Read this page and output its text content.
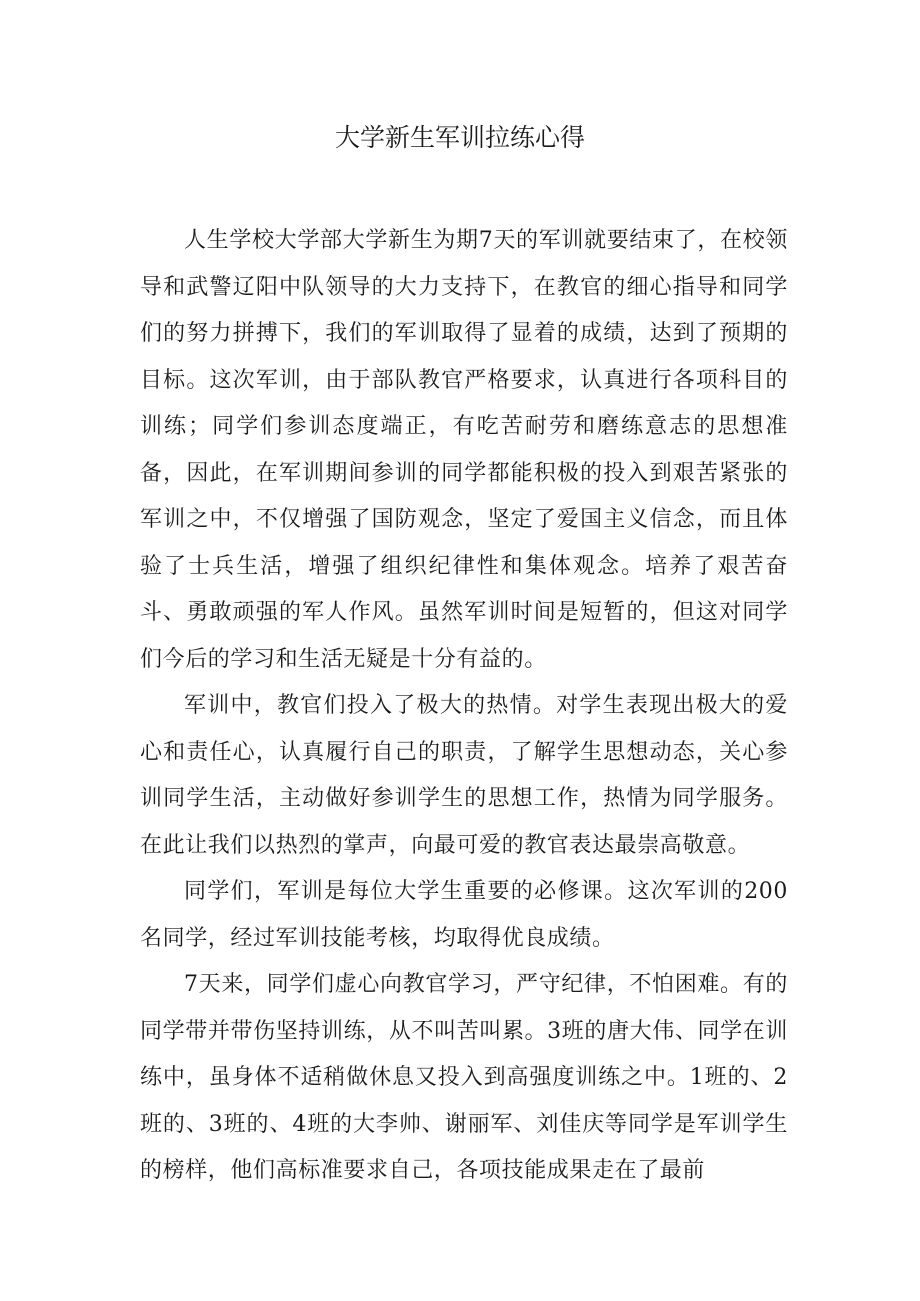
大学新生军训拉练心得

人生学校大学部大学新生为期7天的军训就要结束了，在校领导和武警辽阳中队领导的大力支持下，在教官的细心指导和同学们的努力拼搏下，我们的军训取得了显着的成绩，达到了预期的目标。这次军训，由于部队教官严格要求，认真进行各项科目的训练；同学们参训态度端正，有吃苦耐劳和磨练意志的思想准备，因此，在军训期间参训的同学都能积极的投入到艰苦紧张的军训之中，不仅增强了国防观念，坚定了爱国主义信念，而且体验了士兵生活，增强了组织纪律性和集体观念。培养了艰苦奋斗、勇敢顽强的军人作风。虽然军训时间是短暂的，但这对同学们今后的学习和生活无疑是十分有益的。

军训中，教官们投入了极大的热情。对学生表现出极大的爱心和责任心，认真履行自己的职责，了解学生思想动态，关心参训同学生活，主动做好参训学生的思想工作，热情为同学服务。在此让我们以热烈的掌声，向最可爱的教官表达最崇高敬意。

同学们，军训是每位大学生重要的必修课。这次军训的200名同学，经过军训技能考核，均取得优良成绩。

7天来，同学们虚心向教官学习，严守纪律，不怕困难。有的同学带并带伤坚持训练，从不叫苦叫累。3班的唐大伟、同学在训练中，虽身体不适稍做休息又投入到高强度训练之中。1班的、2班的、3班的、4班的大李帅、谢丽军、刘佳庆等同学是军训学生的榜样，他们高标准要求自己，各项技能成果走在了最前
